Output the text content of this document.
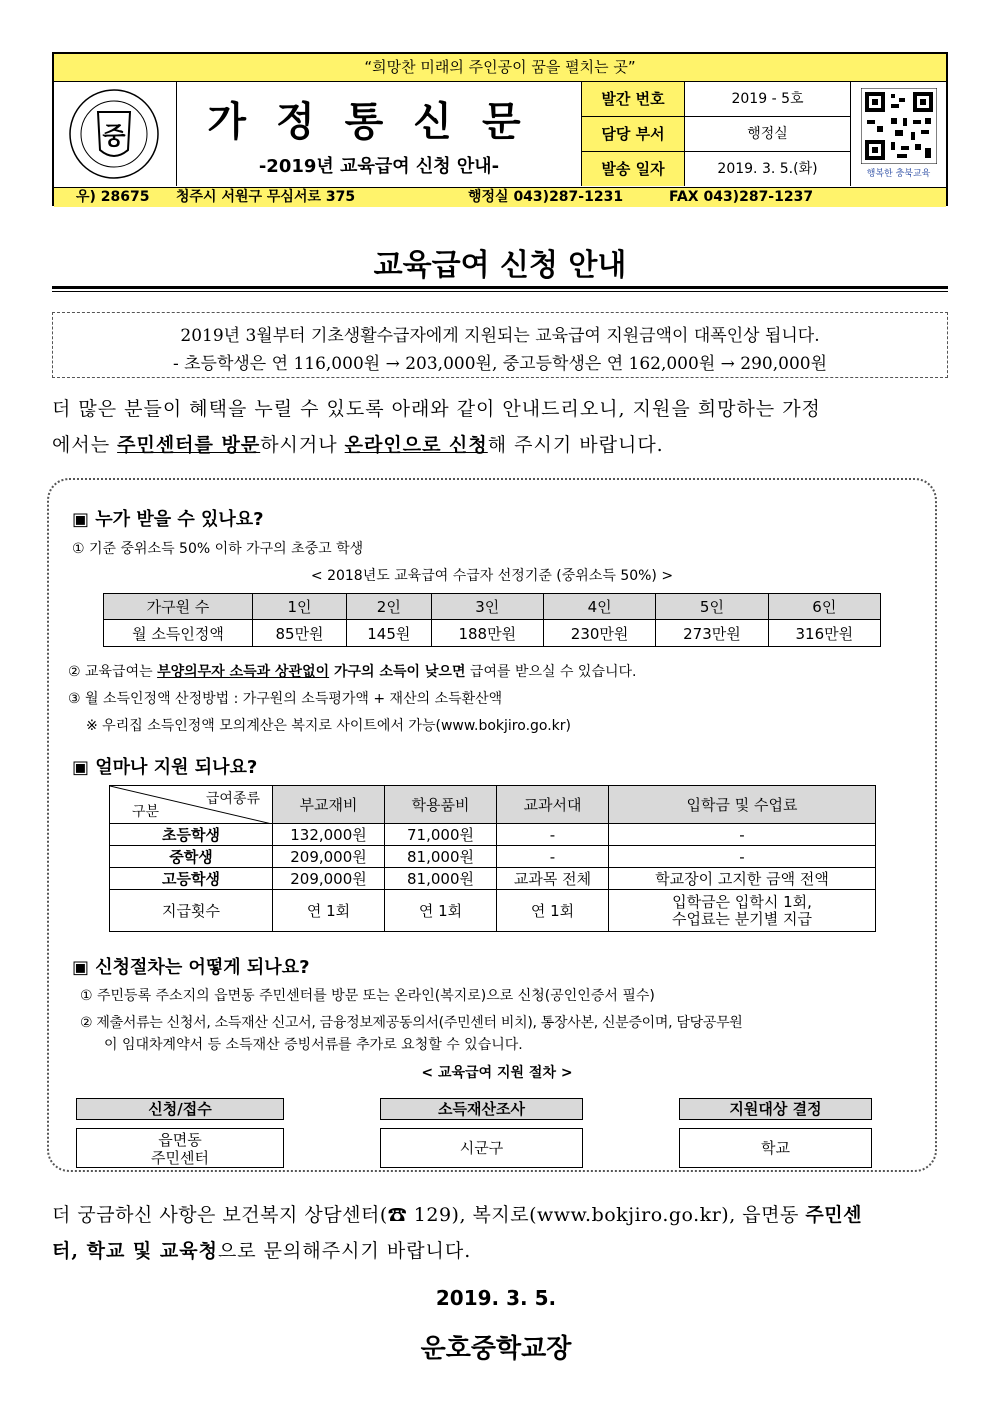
“희망찬 미래의 주인공이 꿈을 펼치는 곳”
중	가정통신문
-2019년 교육급여 신청 안내-
발간 번호	2019 - 5호
담당 부서	행정실
발송 일자	2019. 3. 5.(화)	행복한 충북교육
우) 28675 청주시 서원구 무심서로 375	행정실 043)287-1231	FAX 043)287-1237
교육급여 신청 안내
2019년 3월부터 기초생활수급자에게 지원되는 교육급여 지원금액이 대폭인상 됩니다.
- 초등학생은 연 116,000원 → 203,000원, 중고등학생은 연 162,000원 → 290,000원
더 많은 분들이 혜택을 누릴 수 있도록 아래와 같이 안내드리오니, 지원을 희망하는 가정
에서는 주민센터를 방문하시거나 온라인으로 신청해 주시기 바랍니다.
▣ 누가 받을 수 있나요?
① 기준 중위소득 50% 이하 가구의 초중고 학생
< 2018년도 교육급여 수급자 선정기준 (중위소득 50%) >
가구원 수	1인	2인	3인	4인	5인	6인
월 소득인정액	85만원	145원	188만원	230만원	273만원	316만원
② 교육급여는 부양의무자 소득과 상관없이 가구의 소득이 낮으면 급여를 받으실 수 있습니다.
③ 월 소득인정액 산정방법 : 가구원의 소득평가액 + 재산의 소득환산액
※ 우리집 소득인정액 모의계산은 복지로 사이트에서 가능(www.bokjiro.go.kr)
▣ 얼마나 지원 되나요?
급여종류
구분	부교재비	학용품비	교과서대	입학금 및 수업료
초등학생	132,000원	71,000원	-	-
중학생	209,000원	81,000원	-	-
고등학생	209,000원	81,000원	교과목 전체	학교장이 고지한 금액 전액
지급횟수	연 1회	연 1회	연 1회	입학금은 입학시 1회,
수업료는 분기별 지급
▣ 신청절차는 어떻게 되나요?
① 주민등록 주소지의 읍면동 주민센터를 방문 또는 온라인(복지로)으로 신청(공인인증서 필수)
② 제출서류는 신청서, 소득재산 신고서, 금융정보제공동의서(주민센터 비치), 통장사본, 신분증이며, 담당공무원
이 임대차계약서 등 소득재산 증빙서류를 추가로 요청할 수 있습니다.
< 교육급여 지원 절차 >
신청/접수
읍면동
주민센터
소득재산조사
시군구
지원대상 결정
학교
더 궁금하신 사항은 보건복지 상담센터(☎ 129), 복지로(www.bokjiro.go.kr), 읍면동 주민센
터, 학교 및 교육청으로 문의해주시기 바랍니다.
2019. 3. 5.
운호중학교장
